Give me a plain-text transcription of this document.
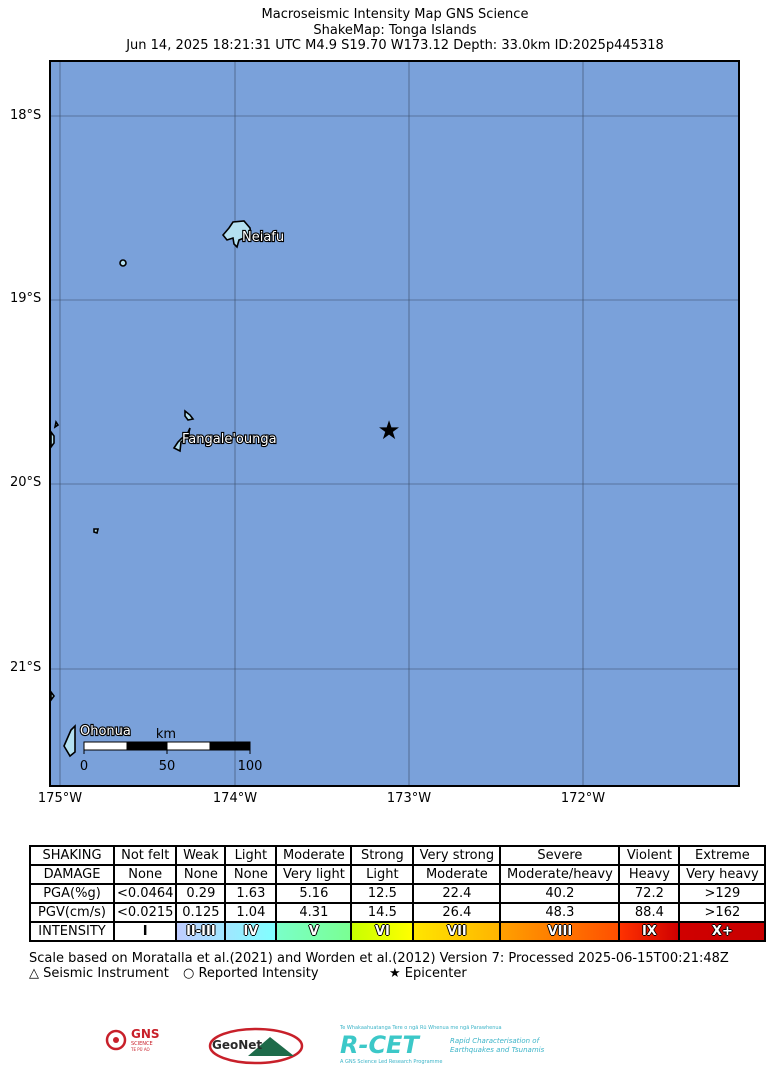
Macroseismic Intensity Map GNS Science
ShakeMap: Tonga Islands
Jun 14, 2025 18:21:31 UTC M4.9 S19.70 W173.12 Depth: 33.0km ID:2025p445318
18°S
19°S
20°S
21°S
Neiafu
Fangale'ounga
Ohonua
★
km
0	50	100
175°W	174°W	173°W	172°W
SHAKING	Not felt	Weak	Light	Moderate	Strong	Very strong	Severe	Violent	Extreme
DAMAGE	None	None	None	Very light	Light	Moderate	Moderate/heavy	Heavy	Very heavy
PGA(%g)	<0.0464	0.29	1.63	5.16	12.5	22.4	40.2	72.2	>129
PGV(cm/s)	<0.0215	0.125	1.04	4.31	14.5	26.4	48.3	88.4	>162
INTENSITY	I	II-III	IV	V	VI	VII	VIII	IX	X+
Scale based on Moratalla et al.(2021) and Worden et al.(2012) Version 7: Processed 2025-06-15T00:21:48Z
△ Seismic Instrument ○ Reported Intensity	★ Epicenter
GNS
SCIENCE
TE PŪ AO	GeoNet
Te Whakaahuatanga Tere o ngā Rū Whenua me ngā Parawhenua
R-CET	Rapid Characterisation of
Earthquakes and Tsunamis
A GNS Science Led Research Programme
